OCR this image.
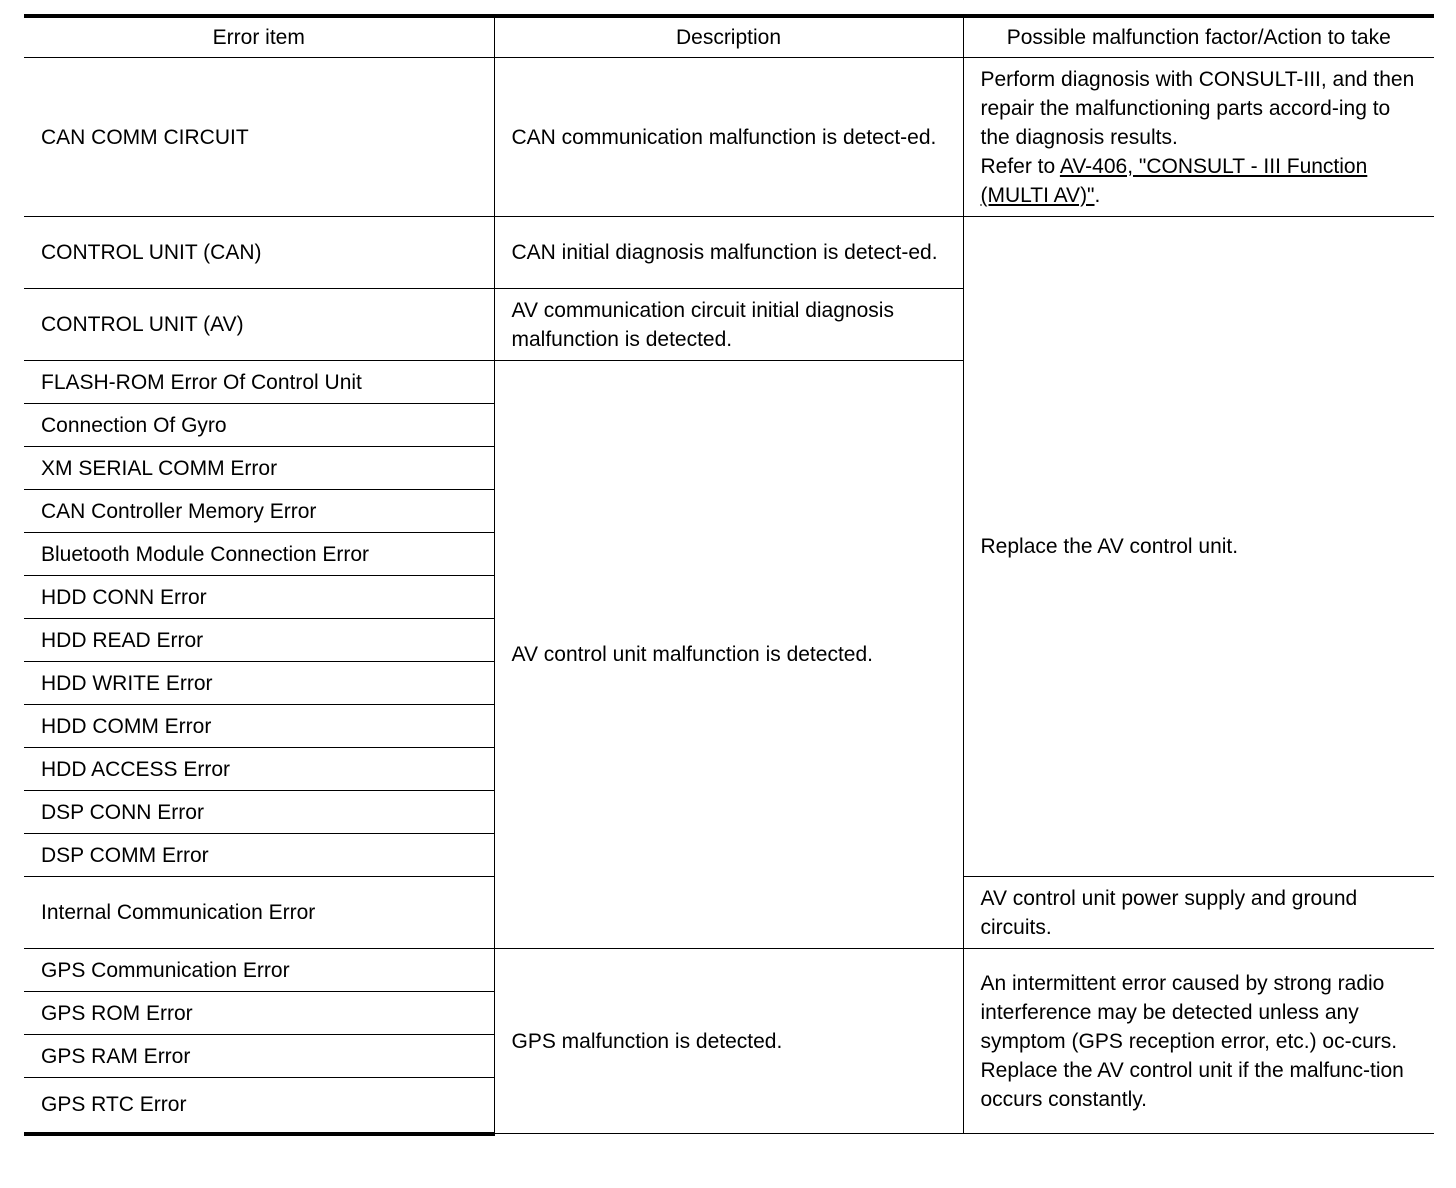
Error item	Description	Possible malfunction factor/Action to take
CAN COMM CIRCUIT	CAN communication malfunction is detect-ed.	Perform diagnosis with CONSULT-III, and then repair the malfunctioning parts accord-ing to the diagnosis results.
Refer to AV-406, "CONSULT - III Function (MULTI AV)".

CONTROL UNIT (CAN)	CAN initial diagnosis malfunction is detect-ed.	Replace the AV control unit.
CONTROL UNIT (AV)	AV communication circuit initial diagnosis malfunction is detected.	
FLASH-ROM Error Of Control Unit	AV control unit malfunction is detected.	
Connection Of Gyro		
XM SERIAL COMM Error		
CAN Controller Memory Error		
Bluetooth Module Connection Error		
HDD CONN Error		
HDD READ Error		
HDD WRITE Error		
HDD COMM Error		
HDD ACCESS Error		
DSP CONN Error		
DSP COMM Error		
Internal Communication Error		AV control unit power supply and ground circuits.
GPS Communication Error	GPS malfunction is detected.	An intermittent error caused by strong radio interference may be detected unless any symptom (GPS reception error, etc.) oc-curs.
Replace the AV control unit if the malfunc-tion occurs constantly.

GPS ROM Error		
GPS RAM Error		
GPS RTC Error		
